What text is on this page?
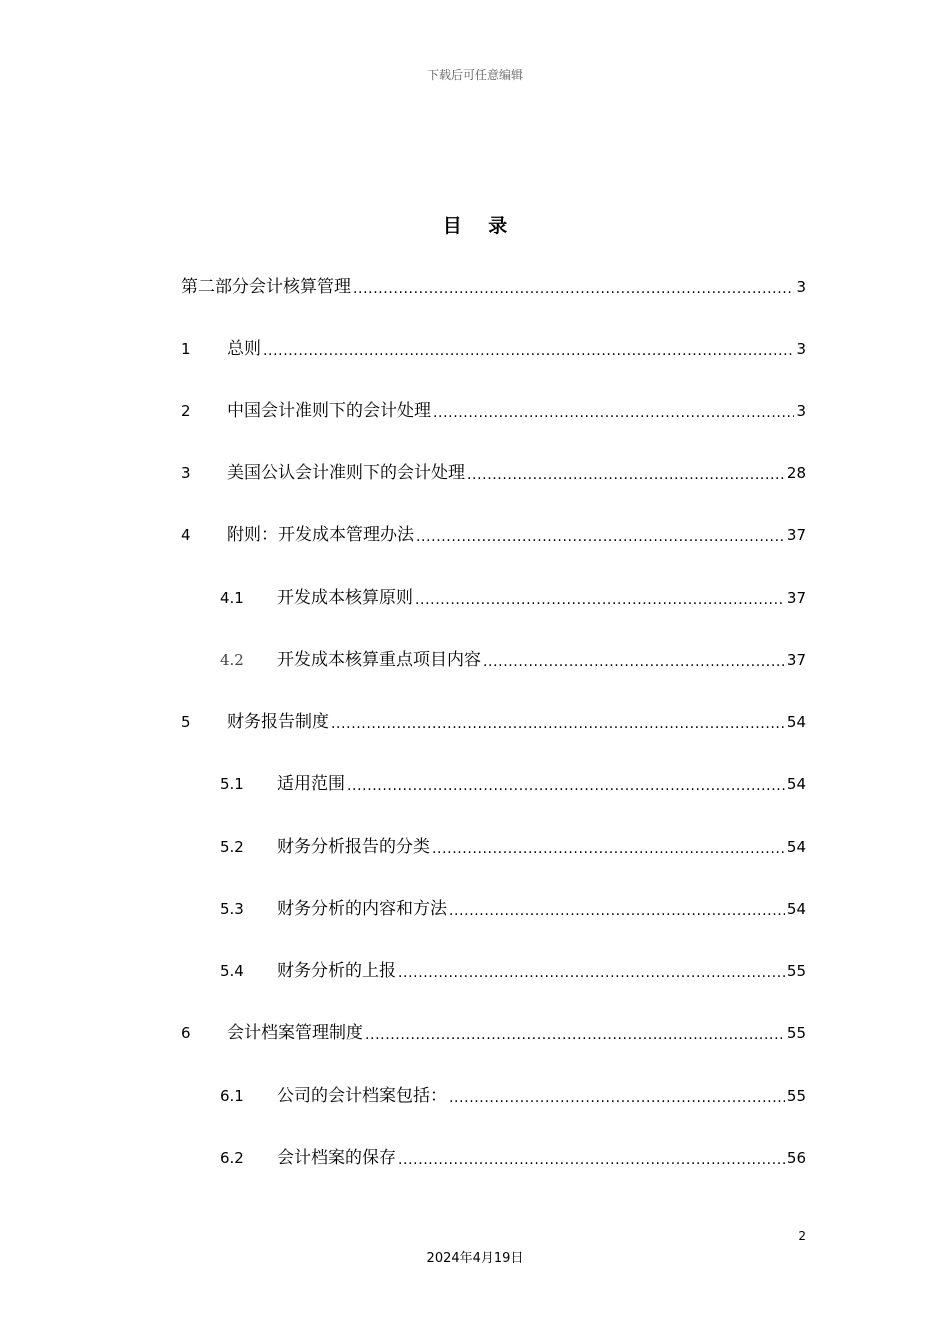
下载后可任意编辑
目 录
第二部分会计核算管理 .....	3
1	总则 .....	3
2	中国会计准则下的会计处理 .....	3
3	美国公认会计准则下的会计处理 .....	28
4	附则：开发成本管理办法 .....	37
4.1	开发成本核算原则 .....	37
4.2	开发成本核算重点项目内容 .....	37
5	财务报告制度 .....	54
5.1	适用范围 .....	54
5.2	财务分析报告的分类 .....	54
5.3	财务分析的内容和方法 .....	54
5.4	财务分析的上报 .....	55
6	会计档案管理制度 .....	55
6.1	公司的会计档案包括： .....	55
6.2	会计档案的保存 .....	56
2
2024年4月19日
